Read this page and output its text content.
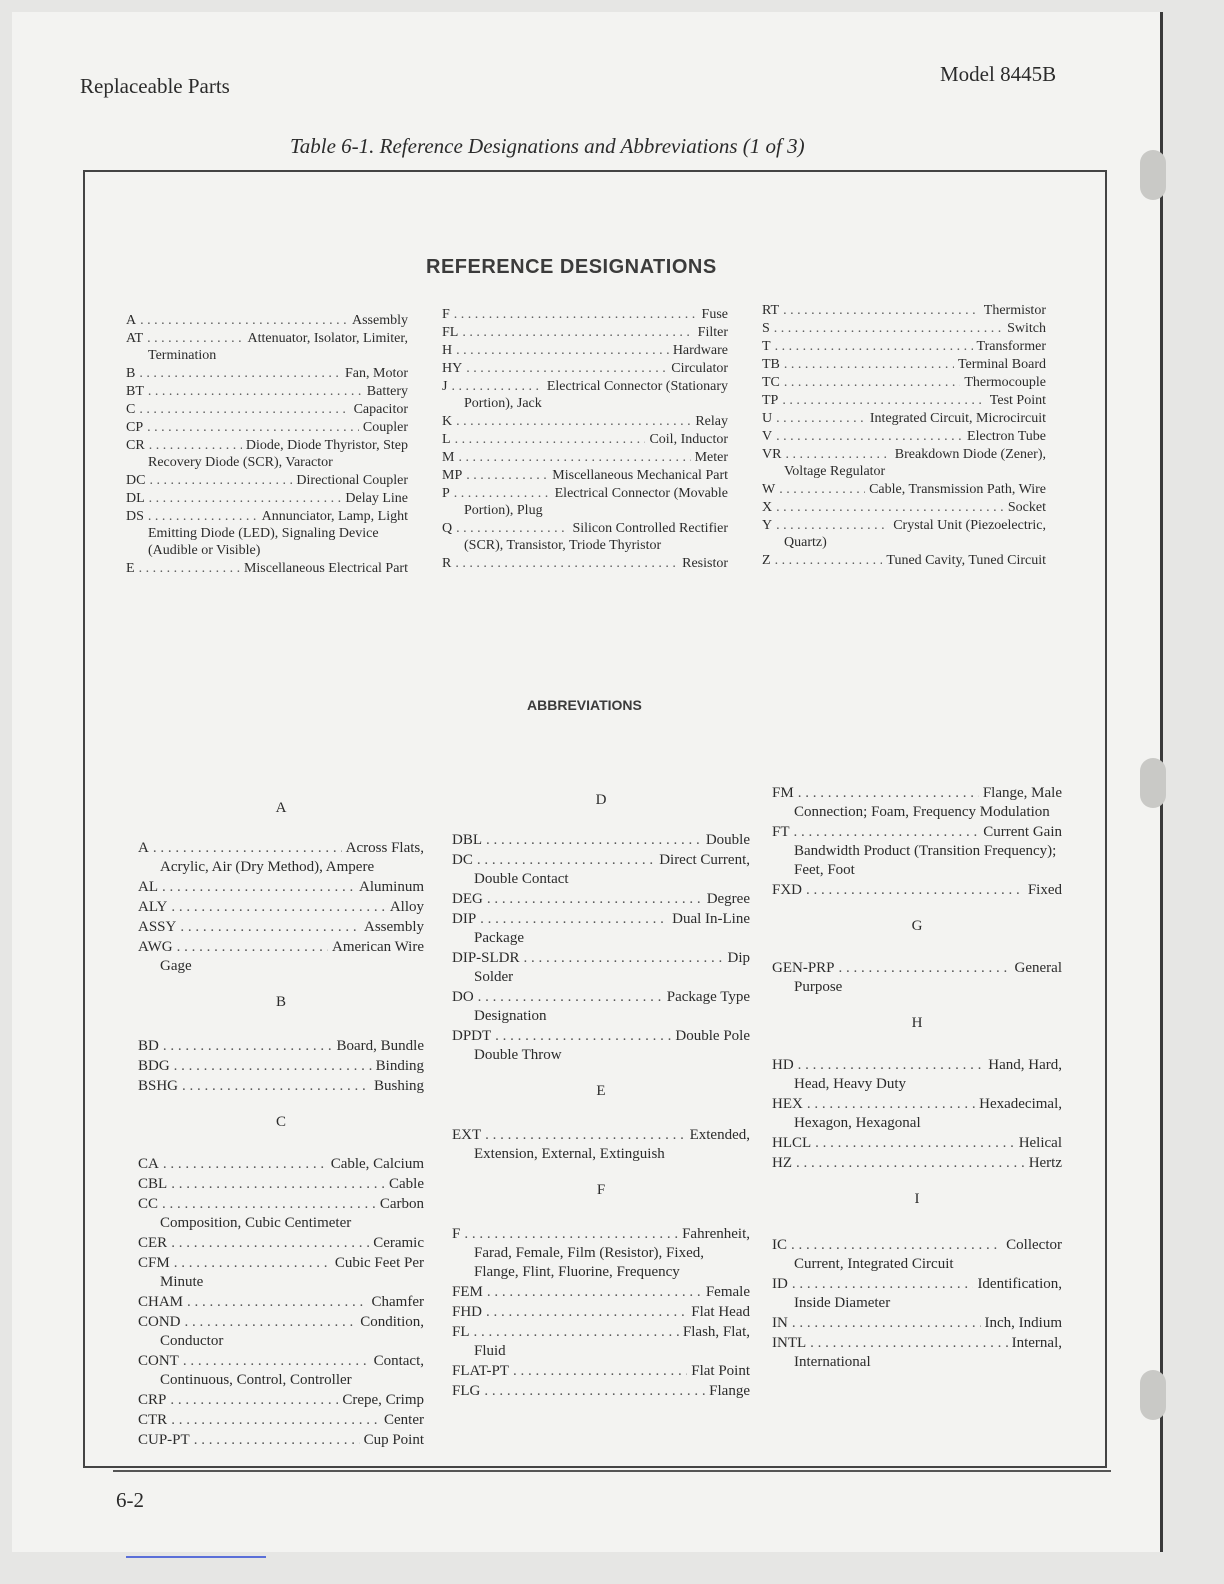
Replaceable Parts	Model 8445B
Table 6-1. Reference Designations and Abbreviations (1 of 3)
REFERENCE DESIGNATIONS
ABBREVIATIONS
A . . .	Assembly
AT . . .	Attenuator, Isolator, Limiter,
Termination
B . . .	Fan, Motor
BT . . .	Battery
C . . .	Capacitor
CP . . .	Coupler
CR . . .	Diode, Diode Thyristor, Step
Recovery Diode (SCR), Varactor
DC . . .	Directional Coupler
DL . . .	Delay Line
DS . . .	Annunciator, Lamp, Light
Emitting Diode (LED), Signaling Device (Audible or Visible)
E . . .	Miscellaneous Electrical Part
F . . .	Fuse
FL . . .	Filter
H . . .	Hardware
HY . . .	Circulator
J . . .	Electrical Connector (Stationary
Portion), Jack
K . . .	Relay
L . . .	Coil, Inductor
M . . .	Meter
MP . . .	Miscellaneous Mechanical Part
P . . .	Electrical Connector (Movable
Portion), Plug
Q . . .	Silicon Controlled Rectifier
(SCR), Transistor, Triode Thyristor
R . . .	Resistor
RT . . .	Thermistor
S . . .	Switch
T . . .	Transformer
TB . . .	Terminal Board
TC . . .	Thermocouple
TP . . .	Test Point
U . . .	Integrated Circuit, Microcircuit
V . . .	Electron Tube
VR . . .	Breakdown Diode (Zener),
Voltage Regulator
W . . .	Cable, Transmission Path, Wire
X . . .	Socket
Y . . .	Crystal Unit (Piezoelectric,
Quartz)
Z . . .	Tuned Cavity, Tuned Circuit
A
A . . .	Across Flats,
Acrylic, Air (Dry Method), Ampere
AL . . .	Aluminum
ALY . . .	Alloy
ASSY . . .	Assembly
AWG . . .	American Wire
Gage
B
BD . . .	Board, Bundle
BDG . . .	Binding
BSHG . . .	Bushing
C
CA . . .	Cable, Calcium
CBL . . .	Cable
CC . . .	Carbon
Composition, Cubic Centimeter
CER . . .	Ceramic
CFM . . .	Cubic Feet Per
Minute
CHAM . . .	Chamfer
COND . . .	Condition,
Conductor
CONT . . .	Contact,
Continuous, Control, Controller
CRP . . .	Crepe, Crimp
CTR . . .	Center
CUP-PT . . .	Cup Point
D
DBL . . .	Double
DC . . .	Direct Current,
Double Contact
DEG . . .	Degree
DIP . . .	Dual In-Line
Package
DIP-SLDR . . .	Dip
Solder
DO . . .	Package Type
Designation
DPDT . . .	Double Pole
Double Throw
E
EXT . . .	Extended,
Extension, External, Extinguish
F
F . . .	Fahrenheit,
Farad, Female, Film (Resistor), Fixed, Flange, Flint, Fluorine, Frequency
FEM . . .	Female
FHD . . .	Flat Head
FL . . .	Flash, Flat,
Fluid
FLAT-PT . . .	Flat Point
FLG . . .	Flange
FM . . .	Flange, Male
Connection; Foam, Frequency Modulation
FT . . .	Current Gain
Bandwidth Product (Transition Frequency); Feet, Foot
FXD . . .	Fixed
G
GEN-PRP . . .	General
Purpose
H
HD . . .	Hand, Hard,
Head, Heavy Duty
HEX . . .	Hexadecimal,
Hexagon, Hexagonal
HLCL . . .	Helical
HZ . . .	Hertz
I
IC . . .	Collector
Current, Integrated Circuit
ID . . .	Identification,
Inside Diameter
IN . . .	Inch, Indium
INTL . . .	Internal,
International
6-2
